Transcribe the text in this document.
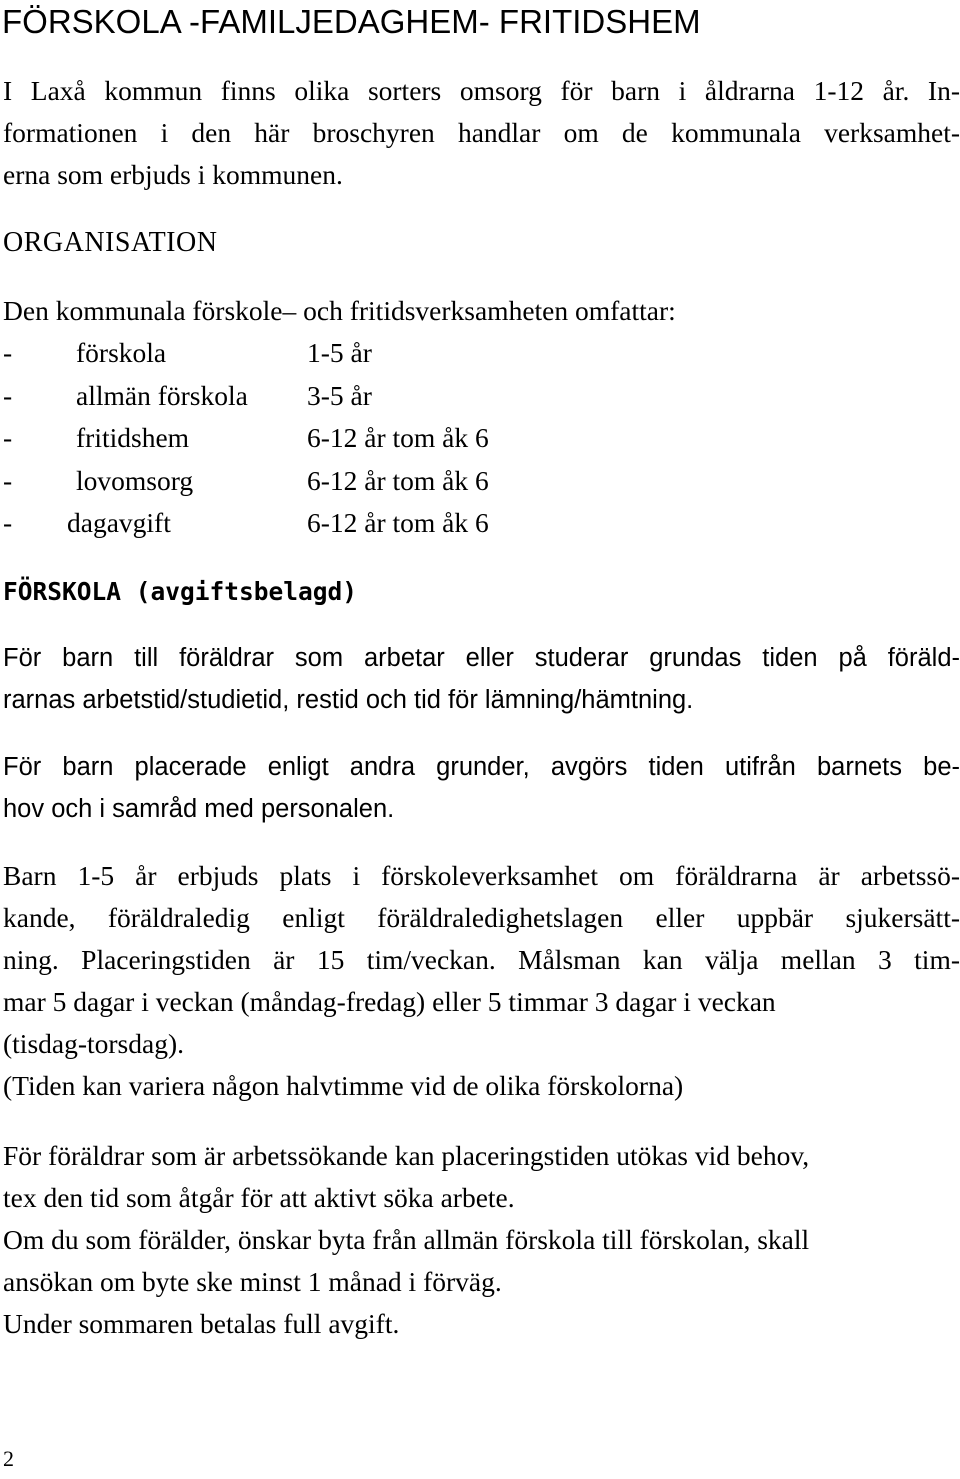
FÖRSKOLA -FAMILJEDAGHEM- FRITIDSHEM
I Laxå kommun finns olika sorters omsorg för barn i åldrarna 1-12 år. In-
formationen i den här broschyren handlar om de kommunala verksamhet-
erna som erbjuds i kommunen.
ORGANISATION
Den kommunala förskole– och fritidsverksamheten omfattar:
- förskola	1-5 år
- allmän förskola 3-5 år
- fritidshem	6-12 år tom åk 6
- lovomsorg	6-12 år tom åk 6
- dagavgift	6-12 år tom åk 6
FÖRSKOLA (avgiftsbelagd)
För barn till föräldrar som arbetar eller studerar grundas tiden på föräld-
rarnas arbetstid/studietid, restid och tid för lämning/hämtning.
För barn placerade enligt andra grunder, avgörs tiden utifrån barnets be-
hov och i samråd med personalen.
Barn 1-5 år erbjuds plats i förskoleverksamhet om föräldrarna är arbetssö-
kande, föräldraledig enligt föräldraledighetslagen eller uppbär sjukersätt-
ning. Placeringstiden är 15 tim/veckan. Målsman kan välja mellan 3 tim-
mar 5 dagar i veckan (måndag-fredag) eller 5 timmar 3 dagar i veckan
(tisdag-torsdag).
(Tiden kan variera någon halvtimme vid de olika förskolorna)
För föräldrar som är arbetssökande kan placeringstiden utökas vid behov,
tex den tid som åtgår för att aktivt söka arbete.
Om du som förälder, önskar byta från allmän förskola till förskolan, skall
ansökan om byte ske minst 1 månad i förväg.
Under sommaren betalas full avgift.
2
